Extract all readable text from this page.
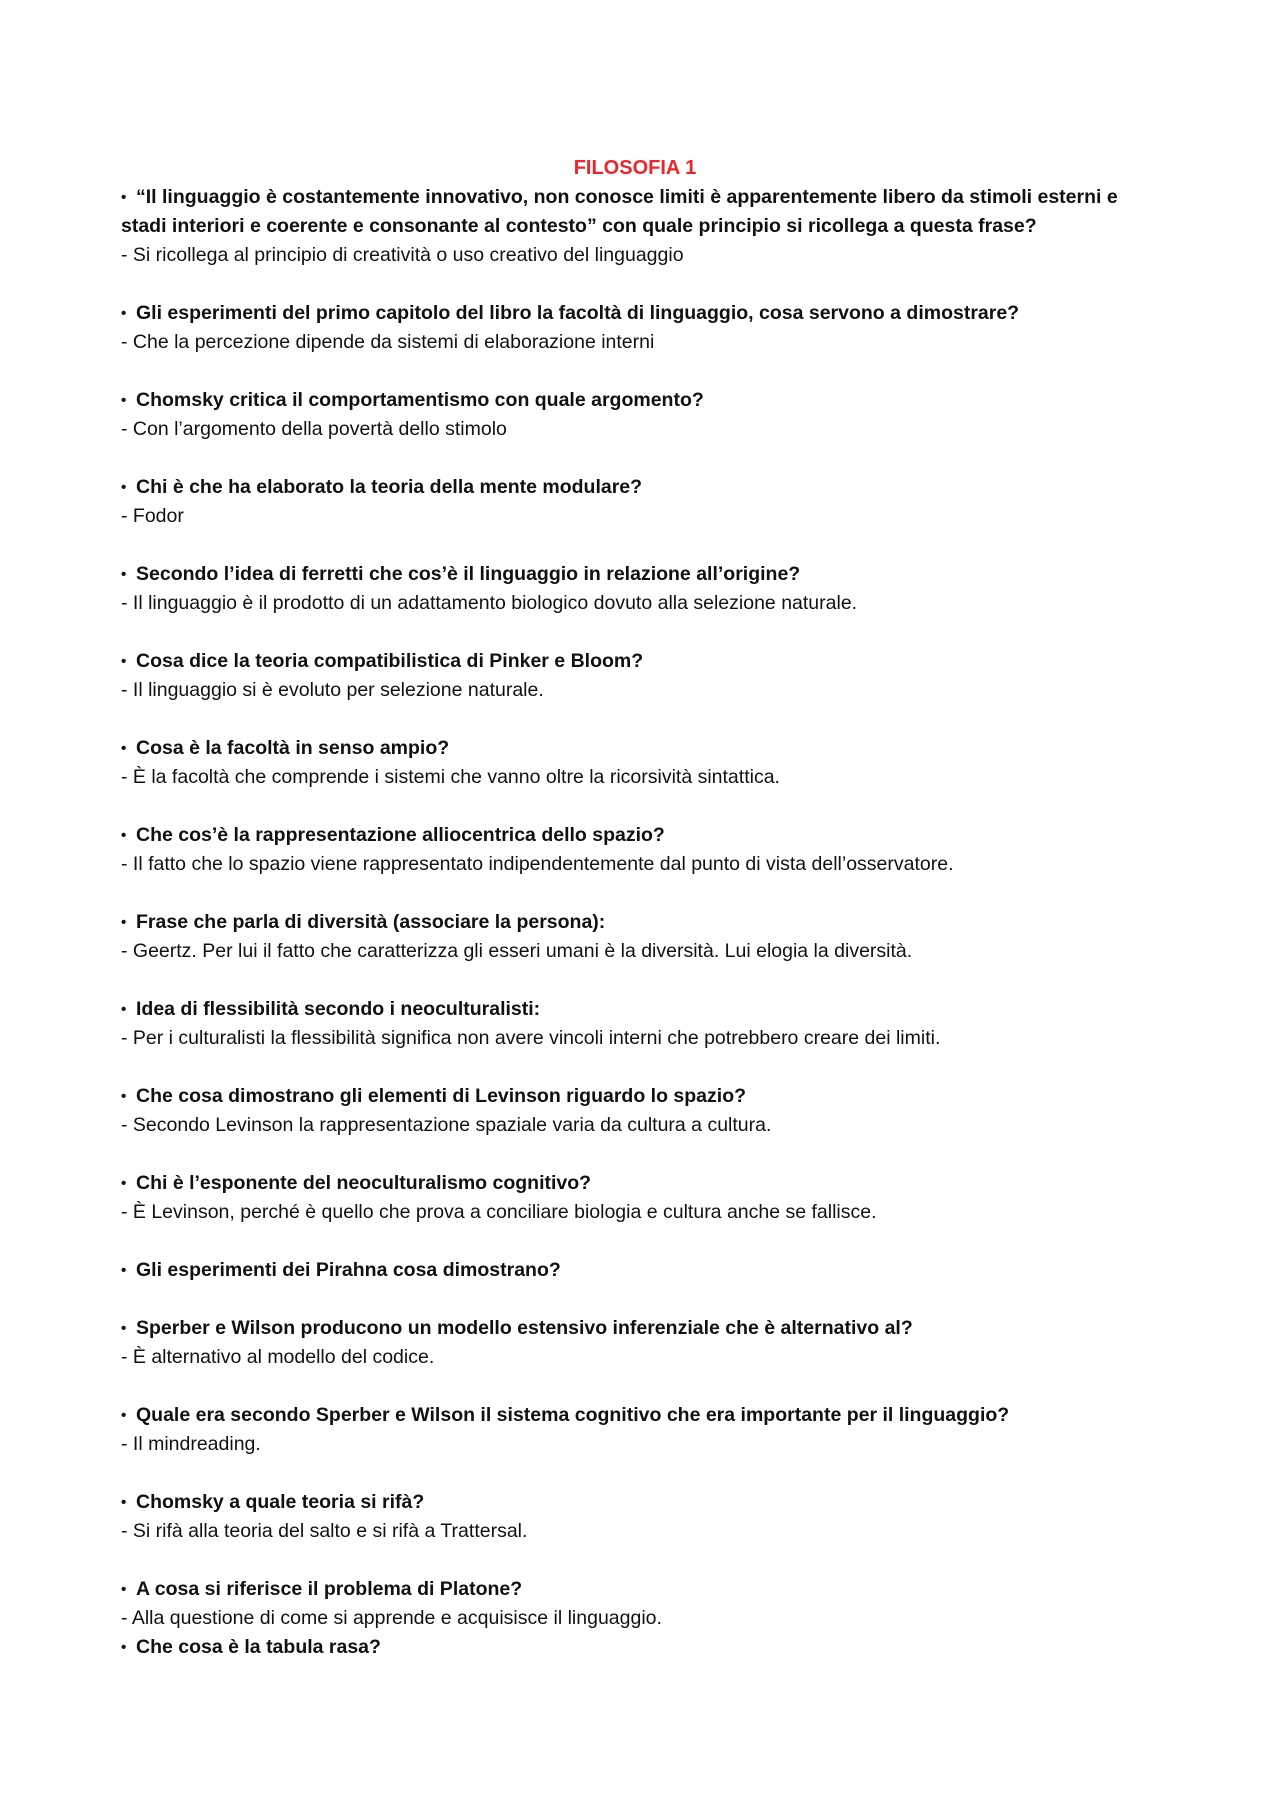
FILOSOFIA 1

• “Il linguaggio è costantemente innovativo, non conosce limiti è apparentemente libero da stimoli esterni e stadi interiori e coerente e consonante al contesto” con quale principio si ricollega a questa frase?

- Si ricollega al principio di creatività o uso creativo del linguaggio

• Gli esperimenti del primo capitolo del libro la facoltà di linguaggio, cosa servono a dimostrare?

- Che la percezione dipende da sistemi di elaborazione interni

• Chomsky critica il comportamentismo con quale argomento?

- Con l’argomento della povertà dello stimolo

• Chi è che ha elaborato la teoria della mente modulare?

- Fodor

• Secondo l’idea di ferretti che cos’è il linguaggio in relazione all’origine?

- Il linguaggio è il prodotto di un adattamento biologico dovuto alla selezione naturale.

• Cosa dice la teoria compatibilistica di Pinker e Bloom?

- Il linguaggio si è evoluto per selezione naturale.

• Cosa è la facoltà in senso ampio?

- È la facoltà che comprende i sistemi che vanno oltre la ricorsività sintattica.

• Che cos’è la rappresentazione alliocentrica dello spazio?

- Il fatto che lo spazio viene rappresentato indipendentemente dal punto di vista dell’osservatore.

• Frase che parla di diversità (associare la persona):

- Geertz. Per lui il fatto che caratterizza gli esseri umani è la diversità. Lui elogia la diversità.

• Idea di flessibilità secondo i neoculturalisti:

- Per i culturalisti la flessibilità significa non avere vincoli interni che potrebbero creare dei limiti.

• Che cosa dimostrano gli elementi di Levinson riguardo lo spazio?

- Secondo Levinson la rappresentazione spaziale varia da cultura a cultura.

• Chi è l’esponente del neoculturalismo cognitivo?

- È Levinson, perché è quello che prova a conciliare biologia e cultura anche se fallisce.

• Gli esperimenti dei Pirahna cosa dimostrano?

• Sperber e Wilson producono un modello estensivo inferenziale che è alternativo al?

- È alternativo al modello del codice.

• Quale era secondo Sperber e Wilson il sistema cognitivo che era importante per il linguaggio?

- Il mindreading.

• Chomsky a quale teoria si rifà?

- Si rifà alla teoria del salto e si rifà a Trattersal.

• A cosa si riferisce il problema di Platone?

- Alla questione di come si apprende e acquisisce il linguaggio.

• Che cosa è la tabula rasa?
